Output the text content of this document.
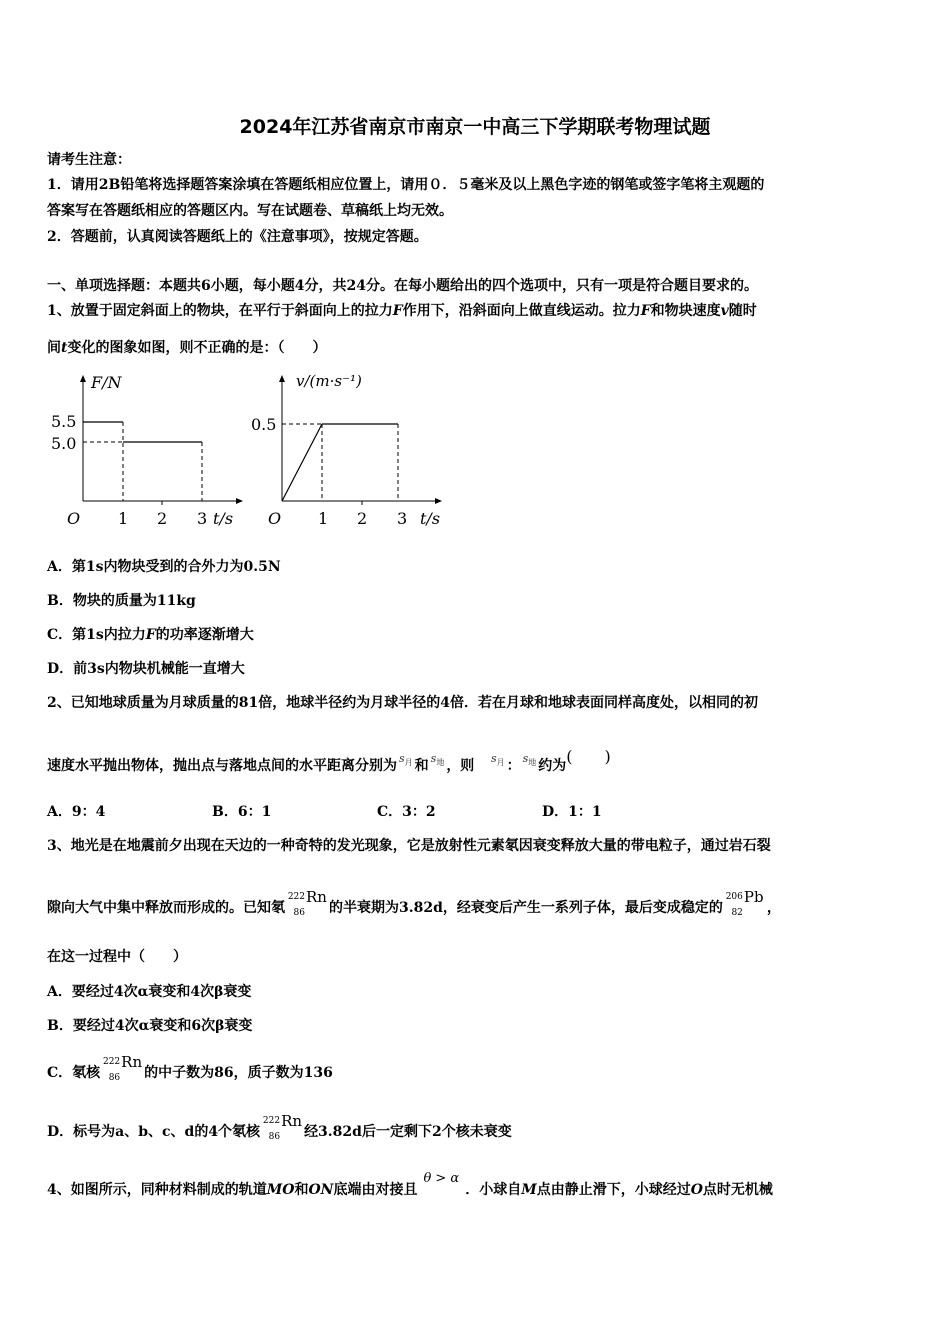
2024年江苏省南京市南京一中高三下学期联考物理试题
请考生注意：
1．请用2B铅笔将选择题答案涂填在答题纸相应位置上，请用０．５毫米及以上黑色字迹的钢笔或签字笔将主观题的
答案写在答题纸相应的答题区内。写在试题卷、草稿纸上均无效。
2．答题前，认真阅读答题纸上的《注意事项》，按规定答题。
一、单项选择题：本题共6小题，每小题4分，共24分。在每小题给出的四个选项中，只有一项是符合题目要求的。
1、放置于固定斜面上的物块，在平行于斜面向上的拉力F作用下，沿斜面向上做直线运动。拉力F和物块速度v随时
间t变化的图象如图，则不正确的是：（　　）
F/N
O 1 2 3 t/s
5.5
5.0
v/(m·s⁻¹)
O 1 2 3 t/s
0.5
A．第1s内物块受到的合外力为0.5N
B．物块的质量为11kg
C．第1s内拉力F的功率逐渐增大
D．前3s内物块机械能一直增大
2、已知地球质量为月球质量的81倍，地球半径约为月球半径的4倍．若在月球和地球表面同样高度处，以相同的初
速度水平抛出物体，抛出点与落地点间的水平距离分别为 $^{s_月}$ 和 $^{s_地}$ ，则 $^{s_月}$ ： $^{s_地}$ 约为(　　)
A．9：4	B．6：1	C．3：2	D．1：1
3、地光是在地震前夕出现在天边的一种奇特的发光现象，它是放射性元素氡因衰变释放大量的带电粒子，通过岩石裂
隙向大气中集中释放而形成的。已知氡
222
86
Rn
的半衰期为3.82d，经衰变后产生一系列子体，最后变成稳定的
206
82
Pb
，
在这一过程中（　　）
A．要经过4次α衰变和4次β衰变
B．要经过4次α衰变和6次β衰变
C．氡核
222
86
Rn
的中子数为86，质子数为136
D．标号为a、b、c、d的4个氡核
222
86
Rn
经3.82d后一定剩下2个核未衰变
4、如图所示，同种材料制成的轨道MO和ON底端由对接且θ > α．小球自M点由静止滑下，小球经过O点时无机械
